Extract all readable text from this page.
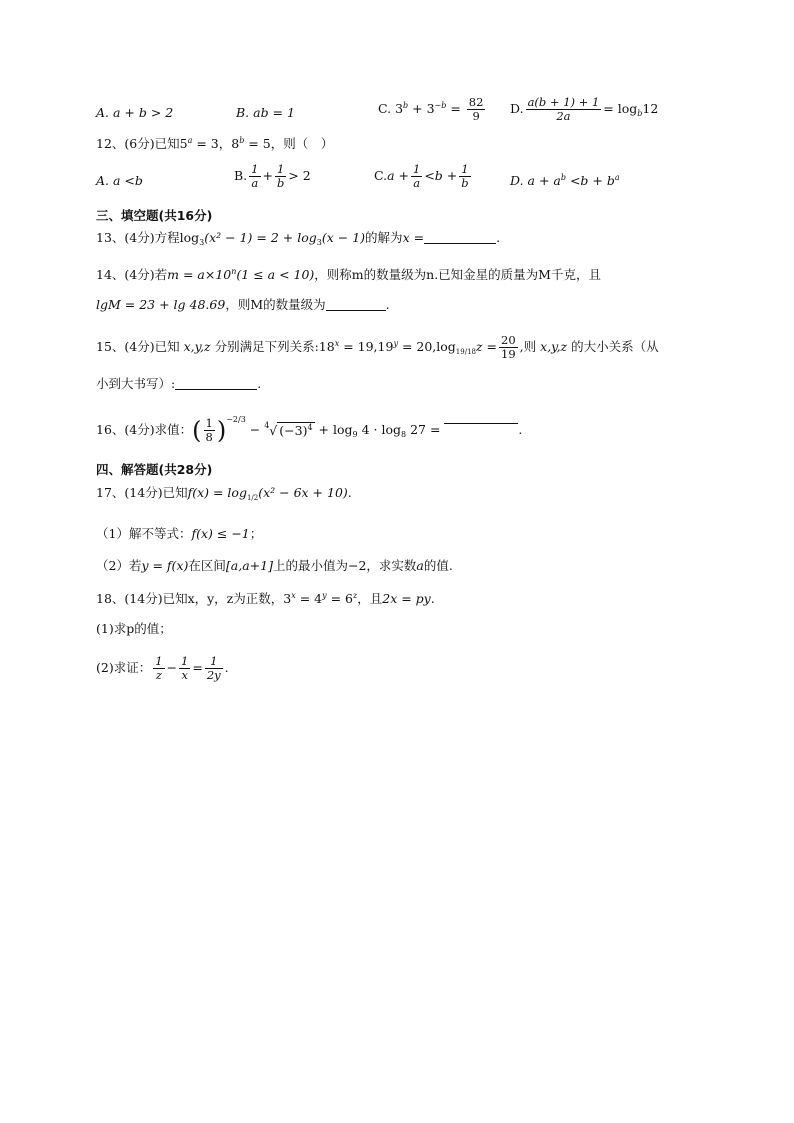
A. a + b > 2	B. ab = 1	C. $3^b + 3^{-b} = \frac{82}{9} D$. $\frac{a(b + 1) + 1}{2a} = \log_b12$
12、(6分)已知$5^a = 3$，$8^b = 5$，则（　）
A. a <b	B. $\frac{1}{a} + \frac{1}{b} > 2$	$C.a + \frac{1}{a} <b + \frac{1}{b}$	D. $a + a^b <b + b^a$
三、填空题(共16分)
13、(4分)方程$\log_3(x^2 - 1) = 2 + \log_3(x - 1)$的解为x =	.
14、(4分)若$m = a\times 10^n(1 \le a < 10)$，则称m的数量级为n.已知金星的质量为M千克，且
lgM = 23 + lg 48.69，则M的数量级为	.
15、(4分)已知 x,y,z 分别满足下列关系$:18^x = 19,19^y = 20,\log_{19/18}z = \frac{20}{19}$ ,则 x,y,z 的大小关系（从
小到大书写）:	.
16、(4分)求值：( $\frac{1}{8} )^{-2/3} - ^4√$ $(-3)^4 + \log_9 4 \cdot \log_8 27$ =	.
四、解答题(共28分)
17、(14分)已知$f(x) = \log_{1/2}(x^2 - 6x + 10)$.
（1）解不等式：f(x) ≤ −1；
（2）若y = f(x)在区间[a,a+1]上的最小值为−2，求实数a的值.
18、(14分)已知x，y，z为正数，$3^x = 4^y = 6^z$，且2x = py.
(1)求p的值；
(2)求证： $\frac{1}{z} - \frac{1}{x} = \frac{1}{2y}$ .
